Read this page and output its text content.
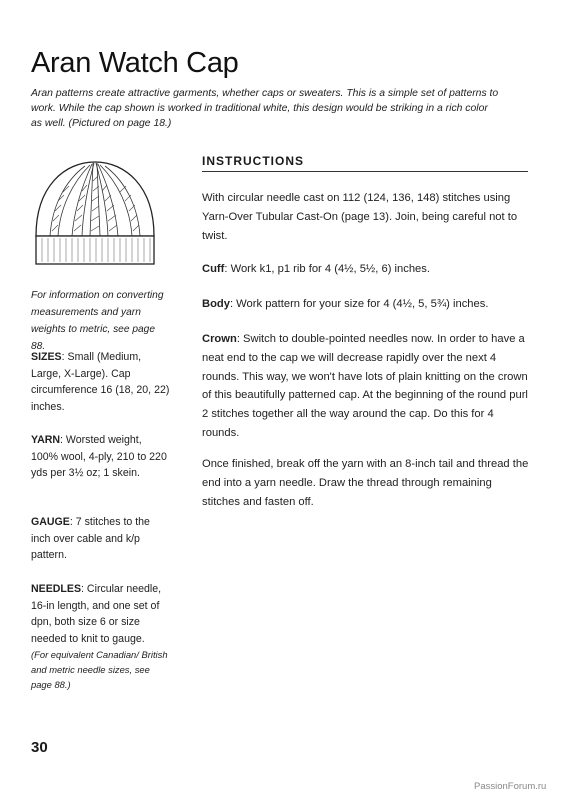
Aran Watch Cap
Aran patterns create attractive garments, whether caps or sweaters. This is a simple set of patterns to work. While the cap shown is worked in traditional white, this design would be striking in a rich color as well. (Pictured on page 18.)
For information on converting measurements and yarn weights to metric, see page 88.
SIZES: Small (Medium, Large, X-Large). Cap circumference 16 (18, 20, 22) inches.
YARN: Worsted weight, 100% wool, 4-ply, 210 to 220 yds per 3½ oz; 1 skein.
GAUGE: 7 stitches to the inch over cable and k/p pattern.
NEEDLES: Circular needle, 16-in length, and one set of dpn, both size 6 or size needed to knit to gauge.
(For equivalent Canadian/ British and metric needle sizes, see page 88.)
INSTRUCTIONS
With circular needle cast on 112 (124, 136, 148) stitches using Yarn-Over Tubular Cast-On (page 13). Join, being careful not to twist.
Cuff: Work k1, p1 rib for 4 (4½, 5½, 6) inches.
Body: Work pattern for your size for 4 (4½, 5, 5¾) inches.
Crown: Switch to double-pointed needles now. In order to have a neat end to the cap we will decrease rapidly over the next 4 rounds. This way, we won't have lots of plain knitting on the crown of this beautifully patterned cap. At the beginning of the round purl 2 stitches together all the way around the cap. Do this for 4 rounds.
Once finished, break off the yarn with an 8-inch tail and thread the end into a yarn needle. Draw the thread through remaining stitches and fasten off.
30
PassionForum.ru
